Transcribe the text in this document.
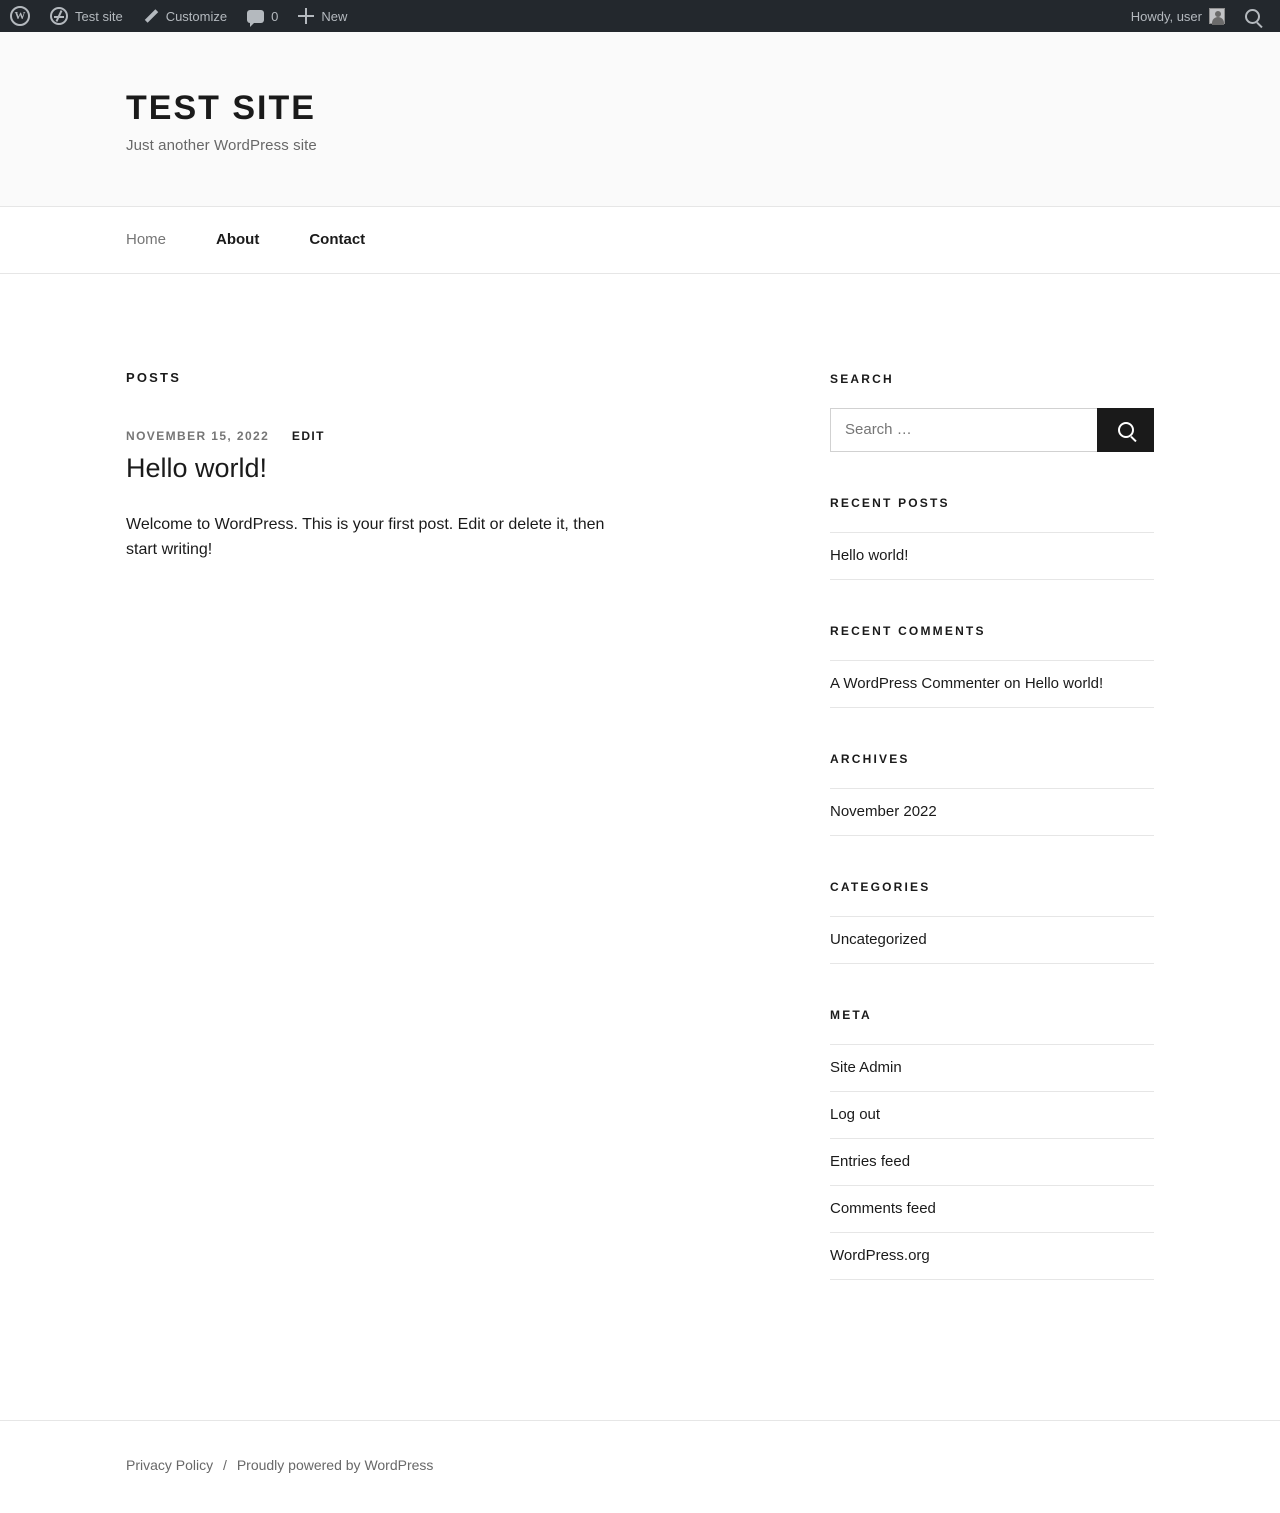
W	Test site	Customize	0	New	Howdy, user
TEST SITE

Just another WordPress site

Home	About	Contact
POSTS
NOVEMBER 15, 2022 EDIT
Hello world!
Welcome to WordPress. This is your first post. Edit or delete it, then start writing!
SEARCH
Search …
RECENT POSTS
Hello world!
RECENT COMMENTS
A WordPress Commenter on Hello world!
ARCHIVES
November 2022
CATEGORIES
Uncategorized
META
Site Admin
Log out
Entries feed
Comments feed
WordPress.org
Privacy Policy / Proudly powered by WordPress
